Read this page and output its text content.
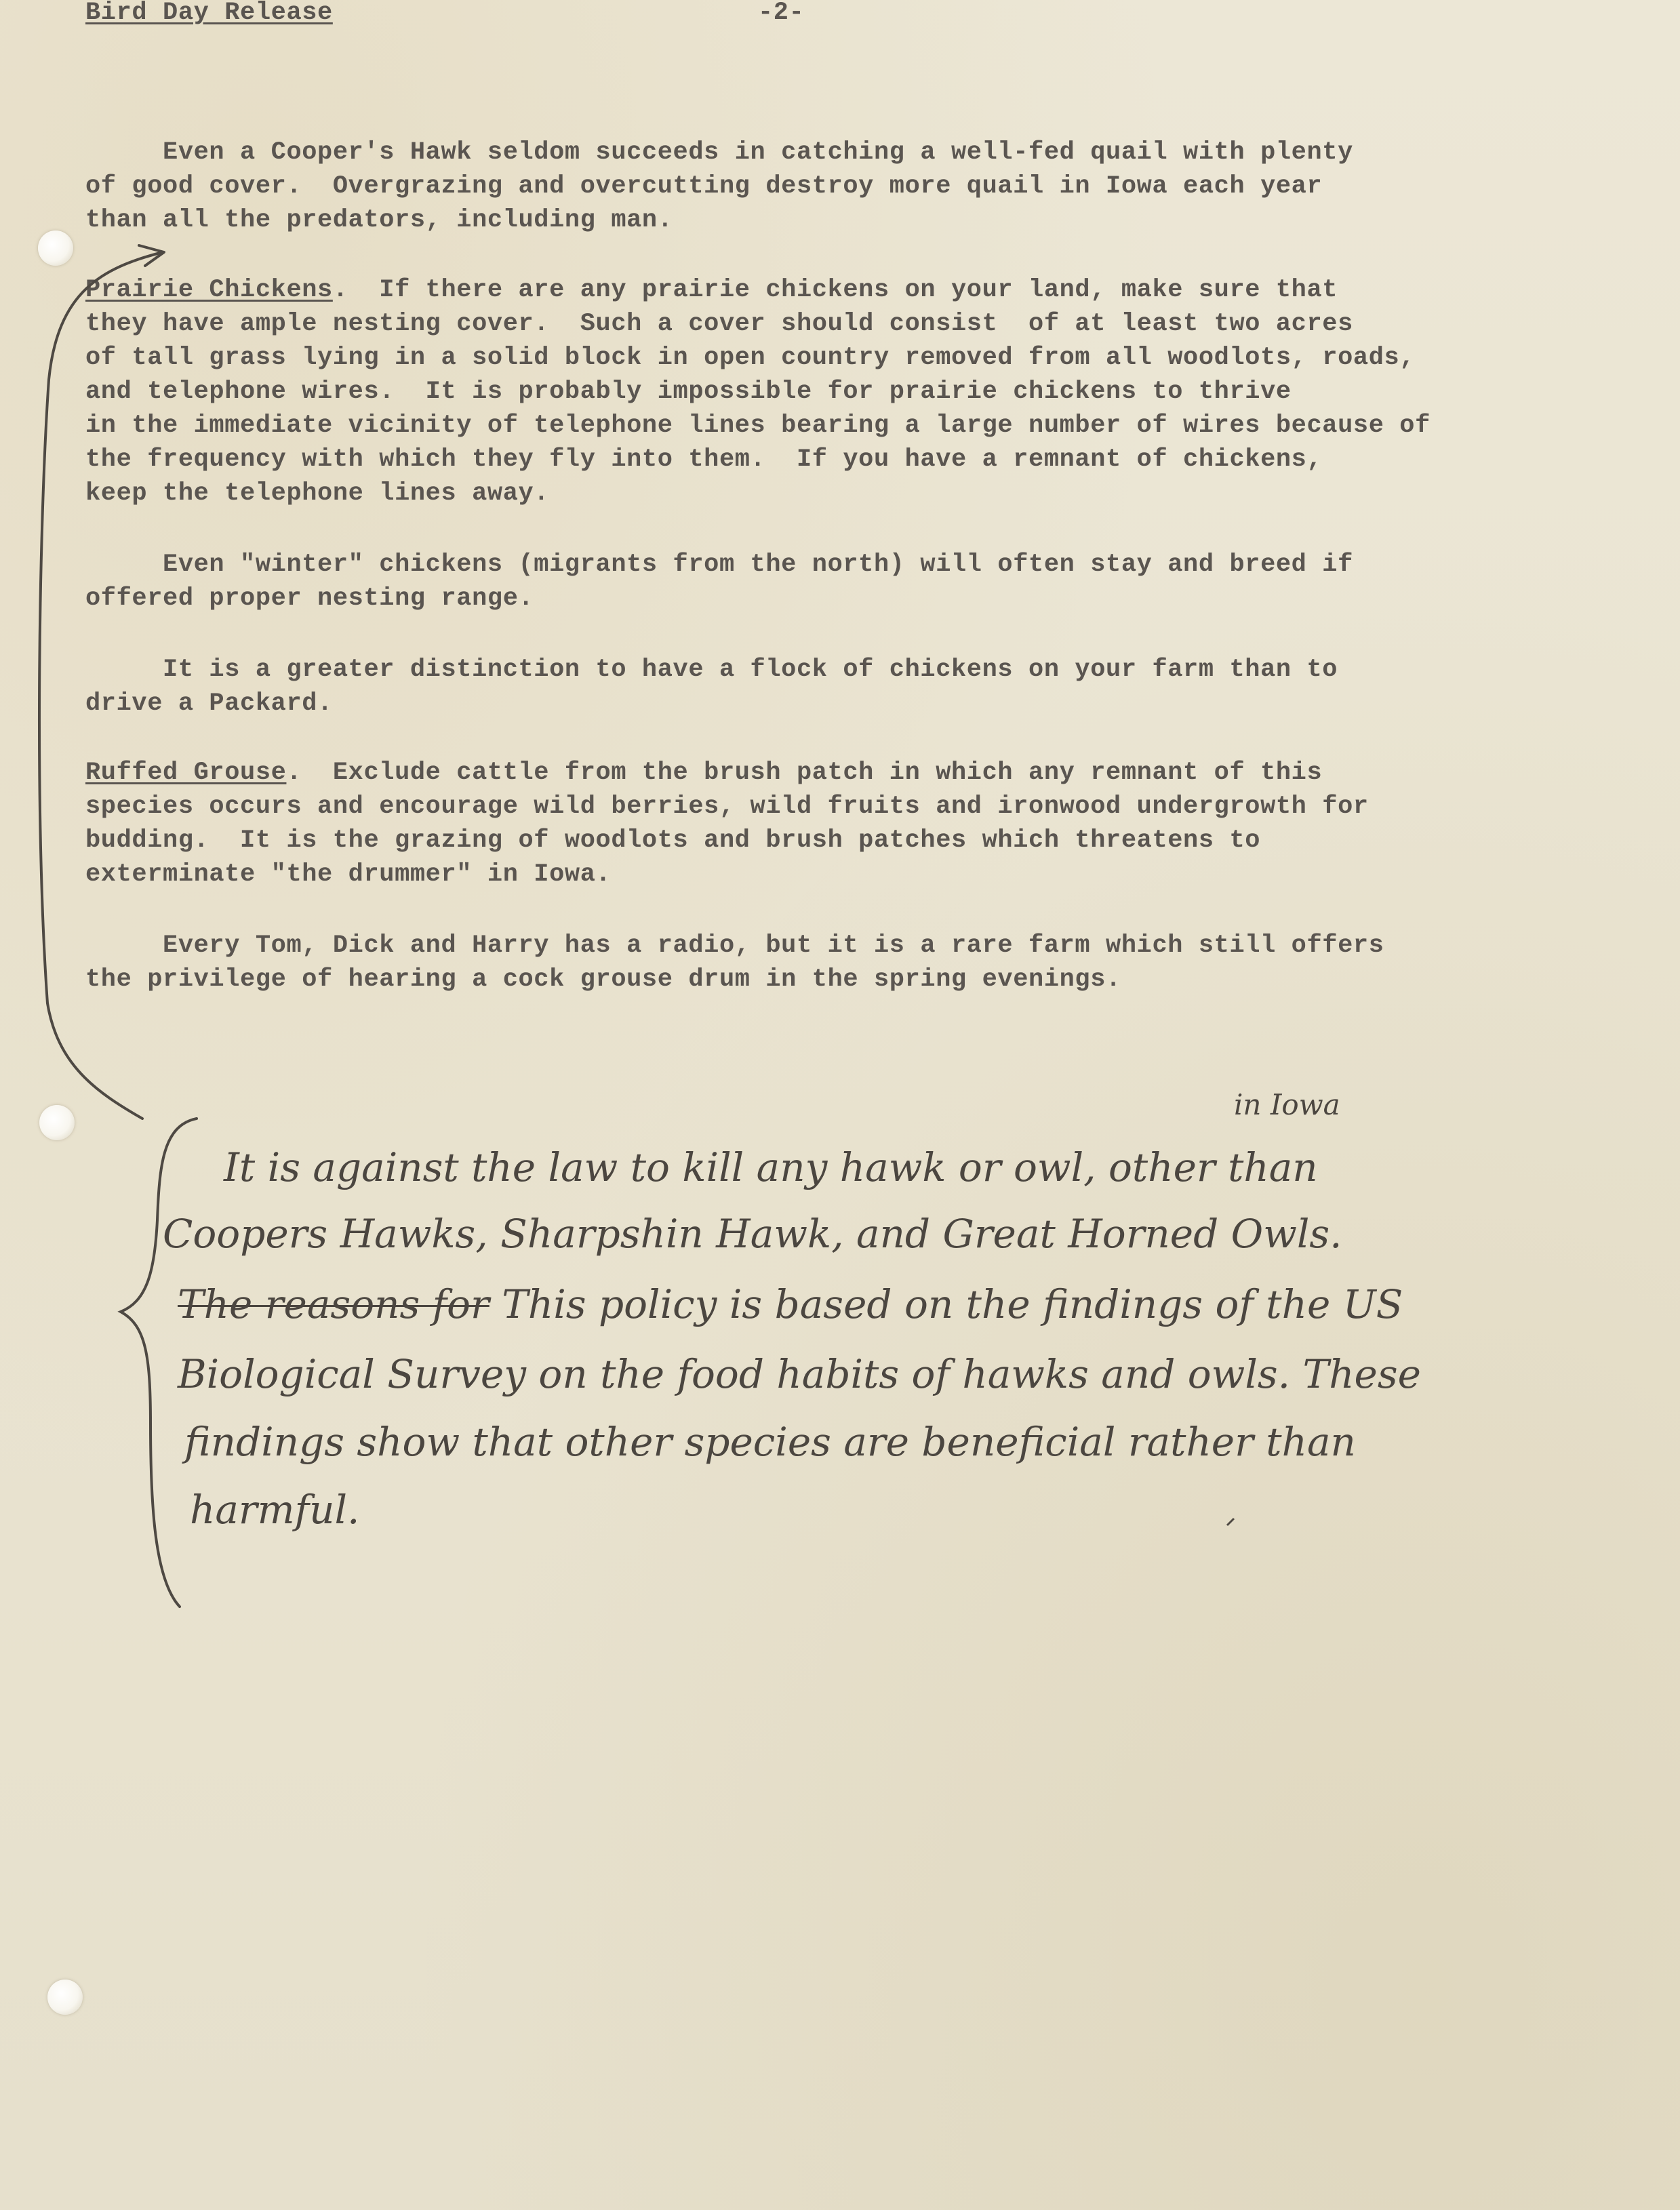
Bird Day Release	-2-
Even a Cooper's Hawk seldom succeeds in catching a well-fed quail with plenty
of good cover.  Overgrazing and overcutting destroy more quail in Iowa each year
than all the predators, including man.
Prairie Chickens.  If there are any prairie chickens on your land, make sure that
they have ample nesting cover.  Such a cover should consist  of at least two acres
of tall grass lying in a solid block in open country removed from all woodlots, roads,
and telephone wires.  It is probably impossible for prairie chickens to thrive
in the immediate vicinity of telephone lines bearing a large number of wires because of
the frequency with which they fly into them.  If you have a remnant of chickens,
keep the telephone lines away.
Even "winter" chickens (migrants from the north) will often stay and breed if
offered proper nesting range.
It is a greater distinction to have a flock of chickens on your farm than to
drive a Packard.
Ruffed Grouse.  Exclude cattle from the brush patch in which any remnant of this
species occurs and encourage wild berries, wild fruits and ironwood undergrowth for
budding.  It is the grazing of woodlots and brush patches which threatens to
exterminate "the drummer" in Iowa.
Every Tom, Dick and Harry has a radio, but it is a rare farm which still offers
the privilege of hearing a cock grouse drum in the spring evenings.
in Iowa
It is against the law to kill any hawk or owl, other than
Coopers Hawks, Sharpshin Hawk, and Great Horned Owls.
The reasons for This policy is based on the findings of the US
Biological Survey on the food habits of hawks and owls. These
findings show that other species are beneficial rather than
harmful.
